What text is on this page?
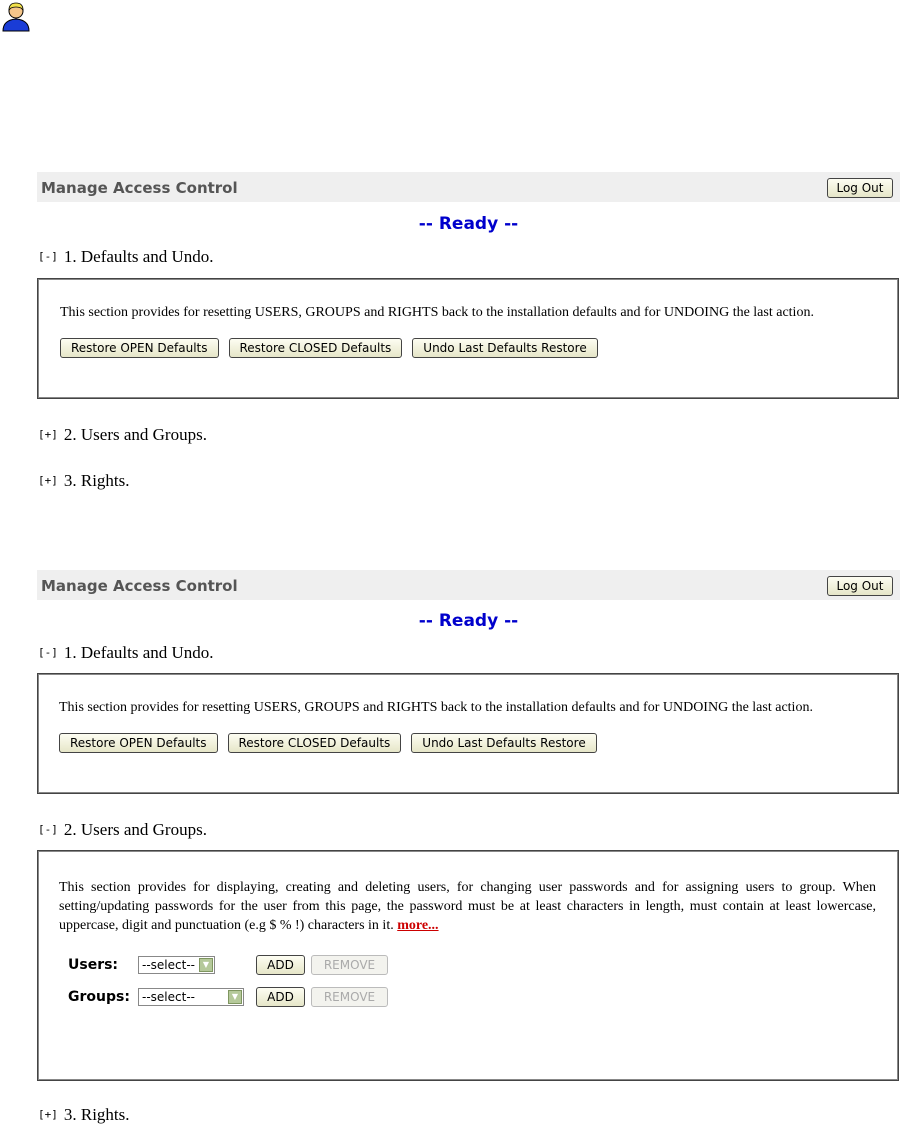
Manage Access Control	Log Out
-- Ready --
[-] 1. Defaults and Undo.

This section provides for resetting USERS, GROUPS and RIGHTS back to the installation defaults and for UNDOING the last action.

Restore OPEN Defaults	Restore CLOSED Defaults	Undo Last Defaults Restore
[+] 2. Users and Groups.
[+] 3. Rights.
Manage Access Control	Log Out
-- Ready --
[-] 1. Defaults and Undo.

This section provides for resetting USERS, GROUPS and RIGHTS back to the installation defaults and for UNDOING the last action.

Restore OPEN Defaults	Restore CLOSED Defaults	Undo Last Defaults Restore
[-] 2. Users and Groups.

This section provides for displaying, creating and deleting users, for changing user passwords and for assigning users to group. When setting/updating passwords for the user from this page, the password must be at least characters in length, must contain at least lowercase, uppercase, digit and punctuation (e.g $ % !) characters in it. more...

Users:	--select-- ▼	ADD	REMOVE
Groups:	--select--	▼	ADD	REMOVE
[+] 3. Rights.
